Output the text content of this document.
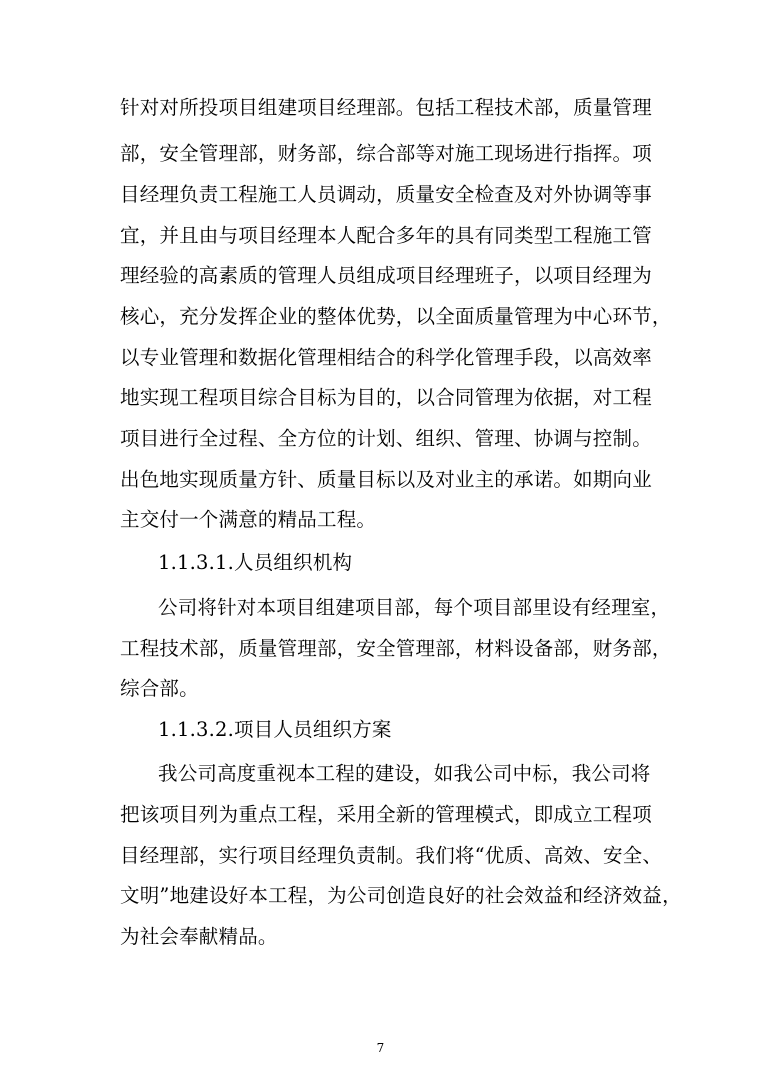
针对对所投项目组建项目经理部。包括工程技术部，质量管理
部，安全管理部，财务部，综合部等对施工现场进行指挥。项
目经理负责工程施工人员调动，质量安全检查及对外协调等事
宜，并且由与项目经理本人配合多年的具有同类型工程施工管
理经验的高素质的管理人员组成项目经理班子，以项目经理为
核心，充分发挥企业的整体优势，以全面质量管理为中心环节，
以专业管理和数据化管理相结合的科学化管理手段，以高效率
地实现工程项目综合目标为目的，以合同管理为依据，对工程
项目进行全过程、全方位的计划、组织、管理、协调与控制。
出色地实现质量方针、质量目标以及对业主的承诺。如期向业
主交付一个满意的精品工程。
1.1.3.1.人员组织机构
公司将针对本项目组建项目部，每个项目部里设有经理室，
工程技术部，质量管理部，安全管理部，材料设备部，财务部，
综合部。
1.1.3.2.项目人员组织方案
我公司高度重视本工程的建设，如我公司中标，我公司将
把该项目列为重点工程，采用全新的管理模式，即成立工程项
目经理部，实行项目经理负责制。我们将“优质、高效、安全、
文明”地建设好本工程，为公司创造良好的社会效益和经济效益，
为社会奉献精品。
7
